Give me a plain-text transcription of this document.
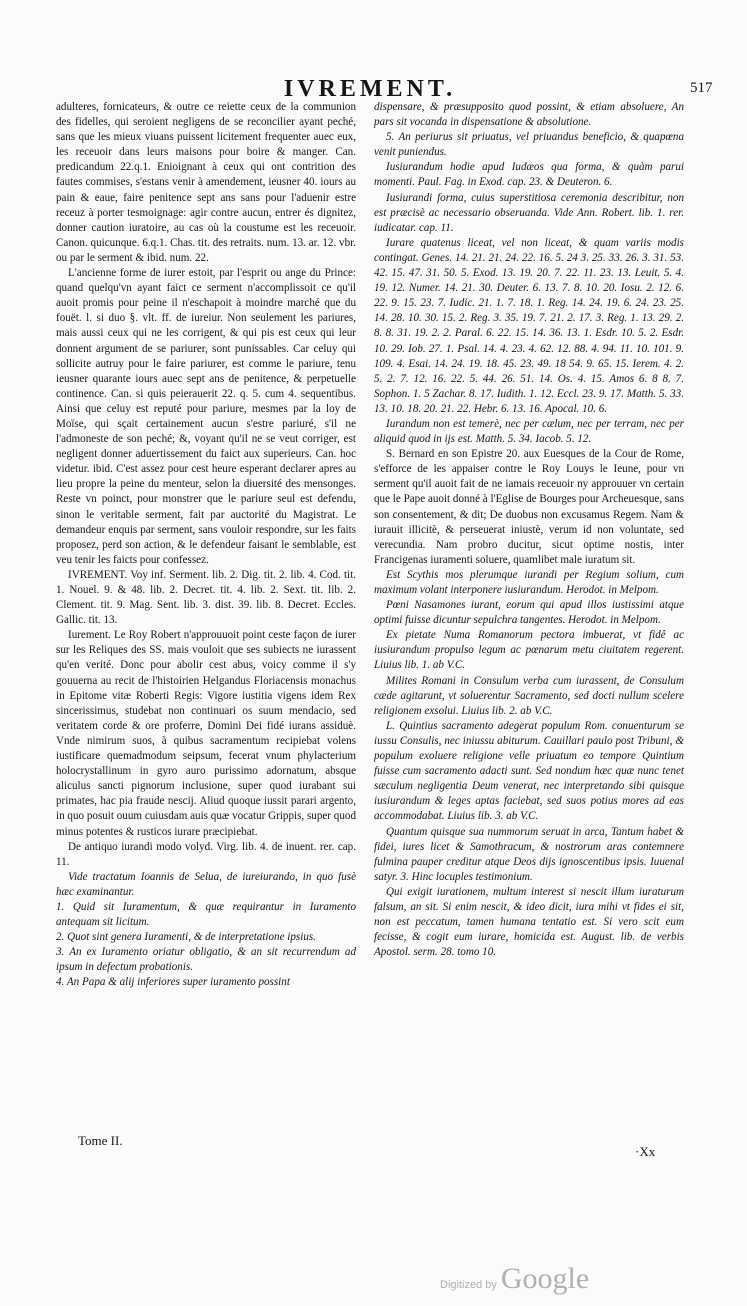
IVREMENT.	517

adulteres, fornicateurs, & outre ce reiette ceux de la communion des fidelles, qui seroient negligens de se reconcilier ayant peché, sans que les mieux viuans puissent licitement frequenter auec eux, les receuoir dans leurs maisons pour boire & manger. Can. predicandum 22.q.1. Enioignant à ceux qui ont contrition des fautes commises, s'estans venir à amendement, ieusner 40. iours au pain & eaue, faire penitence sept ans sans pour l'aduenir estre receuz à porter tesmoignage: agir contre aucun, entrer és dignitez, donner caution iuratoire, au cas où la coustume est les receuoir. Canon. quicunque. 6.q.1. Chas. tit. des retraits. num. 13. ar. 12. vbr. ou par le serment & ibid. num. 22.

L'ancienne forme de iurer estoit, par l'esprit ou ange du Prince: quand quelqu'vn ayant faict ce serment n'accomplissoit ce qu'il auoit promis pour peine il n'eschapoit à moindre marché que du fouët. l. si duo §. vlt. ff. de iureiur. Non seulement les pariures, mais aussi ceux qui ne les corrigent, & qui pis est ceux qui leur donnent argument de se pariurer, sont punissables. Car celuy qui sollicite autruy pour le faire pariurer, est comme le pariure, tenu ieusner quarante iours auec sept ans de penitence, & perpetuelle continence. Can. si quis peierauerit 22. q. 5. cum 4. sequentibus. Ainsi que celuy est reputé pour pariure, mesmes par la loy de Moïse, qui sçait certainement aucun s'estre pariuré, s'il ne l'admoneste de son peché; &, voyant qu'il ne se veut corriger, est negligent donner aduertissement du faict aux superieurs. Can. hoc videtur. ibid. C'est assez pour cest heure esperant declarer apres au lieu propre la peine du menteur, selon la diuersité des mensonges. Reste vn poinct, pour monstrer que le pariure seul est defendu, sinon le veritable serment, fait par auctorité du Magistrat. Le demandeur enquis par serment, sans vouloir respondre, sur les faits proposez, perd son action, & le defendeur faisant le semblable, est veu tenir les faicts pour confessez.

IVREMENT. Voy inf. Serment. lib. 2. Dig. tit. 2. lib. 4. Cod. tit. 1. Nouel. 9. & 48. lib. 2. Decret. tit. 4. lib. 2. Sext. tit. lib. 2. Clement. tit. 9. Mag. Sent. lib. 3. dist. 39. lib. 8. Decret. Eccles. Gallic. tit. 13.

Iurement. Le Roy Robert n'approuuoit point ceste façon de iurer sur les Reliques des SS. mais vouloit que ses subiects ne iurassent qu'en verité. Donc pour abolir cest abus, voicy comme il s'y gouuerna au recit de l'histoirien Helgandus Floriacensis monachus in Epitome vitæ Roberti Regis: Vigore iustitia vigens idem Rex sincerissimus, studebat non continuari os suum mendacio, sed veritatem corde & ore proferre, Domini Dei fidé iurans assiduè. Vnde nimirum suos, à quibus sacramentum recipiebat volens iustificare quemadmodum seipsum, fecerat vnum phylacterium holocrystallinum in gyro auro purissimo adornatum, absque aliculus sancti pignorum inclusione, super quod iurabant sui primates, hac pia fraude nescij. Aliud quoque iussit parari argento, in quo posuit ouum cuiusdam auis quæ vocatur Grippis, super quod minus potentes & rusticos iurare præcipiebat.

De antiquo iurandi modo volyd. Virg. lib. 4. de inuent. rer. cap. 11.

Vide tractatum Ioannis de Selua, de iureiurando, in quo fusè hæc examinantur.

1. Quid sit Iuramentum, & quæ requirantur in Iuramento antequam sit licitum.

2. Quot sint genera Iuramenti, & de interpretatione ipsius.

3. An ex Iuramento oriatur obligatio, & an sit recurrendum ad ipsum in defectum probationis.

4. An Papa & alij inferiores super iuramento possint

dispensare, & præsupposito quod possint, & etiam absoluere, An pars sit vocanda in dispensatione & absolutione.

5. An periurus sit priuatus, vel priuandus beneficio, & quapœna venit puniendus.

Iusiurandum hodie apud Iudæos qua forma, & quàm parui momenti. Paul. Fag. in Exod. cap. 23. & Deuteron. 6.

Iusiurandi forma, cuius superstitiosa ceremonia describitur, non est præcisè ac necessario obseruanda. Vide Ann. Robert. lib. 1. rer. iudicatar. cap. 11.

Iurare quatenus liceat, vel non liceat, & quam variis modis contingat. Genes. 14. 21. 21. 24. 22. 16. 5. 24 3. 25. 33. 26. 3. 31. 53. 42. 15. 47. 31. 50. 5. Exod. 13. 19. 20. 7. 22. 11. 23. 13. Leuit. 5. 4. 19. 12. Numer. 14. 21. 30. Deuter. 6. 13. 7. 8. 10. 20. Iosu. 2. 12. 6. 22. 9. 15. 23. 7. Iudic. 21. 1. 7. 18. 1. Reg. 14. 24. 19. 6. 24. 23. 25. 14. 28. 10. 30. 15. 2. Reg. 3. 35. 19. 7. 21. 2. 17. 3. Reg. 1. 13. 29. 2. 8. 8. 31. 19. 2. 2. Paral. 6. 22. 15. 14. 36. 13. 1. Esdr. 10. 5. 2. Esdr. 10. 29. Iob. 27. 1. Psal. 14. 4. 23. 4. 62. 12. 88. 4. 94. 11. 10. 101. 9. 109. 4. Esai. 14. 24. 19. 18. 45. 23. 49. 18 54. 9. 65. 15. Ierem. 4. 2. 5. 2. 7. 12. 16. 22. 5. 44. 26. 51. 14. Os. 4. 15. Amos 6. 8 8. 7. Sophon. 1. 5 Zachar. 8. 17. Iudith. 1. 12. Eccl. 23. 9. 17. Matth. 5. 33. 13. 10. 18. 20. 21. 22. Hebr. 6. 13. 16. Apocal. 10. 6.

Iurandum non est temerè, nec per cælum, nec per terram, nec per aliquid quod in ijs est. Matth. 5. 34. Iacob. 5. 12.

S. Bernard en son Epistre 20. aux Euesques de la Cour de Rome, s'efforce de les appaiser contre le Roy Louys le Ieune, pour vn serment qu'il auoit fait de ne iamais receuoir ny approuuer vn certain que le Pape auoit donné à l'Eglise de Bourges pour Archeuesque, sans son consentement, & dit; De duobus non excusamus Regem. Nam & iurauit illicitè, & perseuerat iniustè, verum id non voluntate, sed verecundia. Nam probro ducitur, sicut optime nostis, inter Francigenas iuramenti soluere, quamlibet male iuratum sit.

Est Scythis mos plerumque iurandi per Regium solium, cum maximum volant interponere iusiurandum. Herodot. in Melpom.

Pœni Nasamones iurant, eorum qui apud illos iustissimi atque optimi fuisse dicuntur sepulchra tangentes. Herodot. in Melpom.

Ex pietate Numa Romanorum pectora imbuerat, vt fidê ac iusiurandum propulso legum ac pœnarum metu ciuitatem regerent. Liuius lib. 1. ab V.C.

Milites Romani in Consulum verba cum iurassent, de Consulum cæde agitarunt, vt soluerentur Sacramento, sed docti nullum scelere religionem exsolui. Liuius lib. 2. ab V.C.

L. Quintius sacramento adegerat populum Rom. conuenturum se iussu Consulis, nec iniussu abiturum. Cauillari paulo post Tribuni, & populum exoluere religione velle priuatum eo tempore Quintium fuisse cum sacramento adacti sunt. Sed nondum hæc quæ nunc tenet sæculum negligentia Deum venerat, nec interpretando sibi quisque iusiurandum & leges aptas faciebat, sed suos potius mores ad eas accommodabat. Liuius lib. 3. ab V.C.

Quantum quisque sua nummorum seruat in arca, Tantum habet & fidei, iures licet & Samothracum, & nostrorum aras contemnere fulmina pauper creditur atque Deos dijs ignoscentibus ipsis. Iuuenal satyr. 3. Hinc locuples testimonium.

Qui exigit iurationem, multum interest si nescit illum iuraturum falsum, an sit. Si enim nescit, & ideo dicit, iura mihi vt fides ei sit, non est peccatum, tamen humana tentatio est. Si vero scit eum fecisse, & cogit eum iurare, homicida est. August. lib. de verbis Apostol. serm. 28. tomo 10.

Tome II.
·Xx
Digitized by Google
